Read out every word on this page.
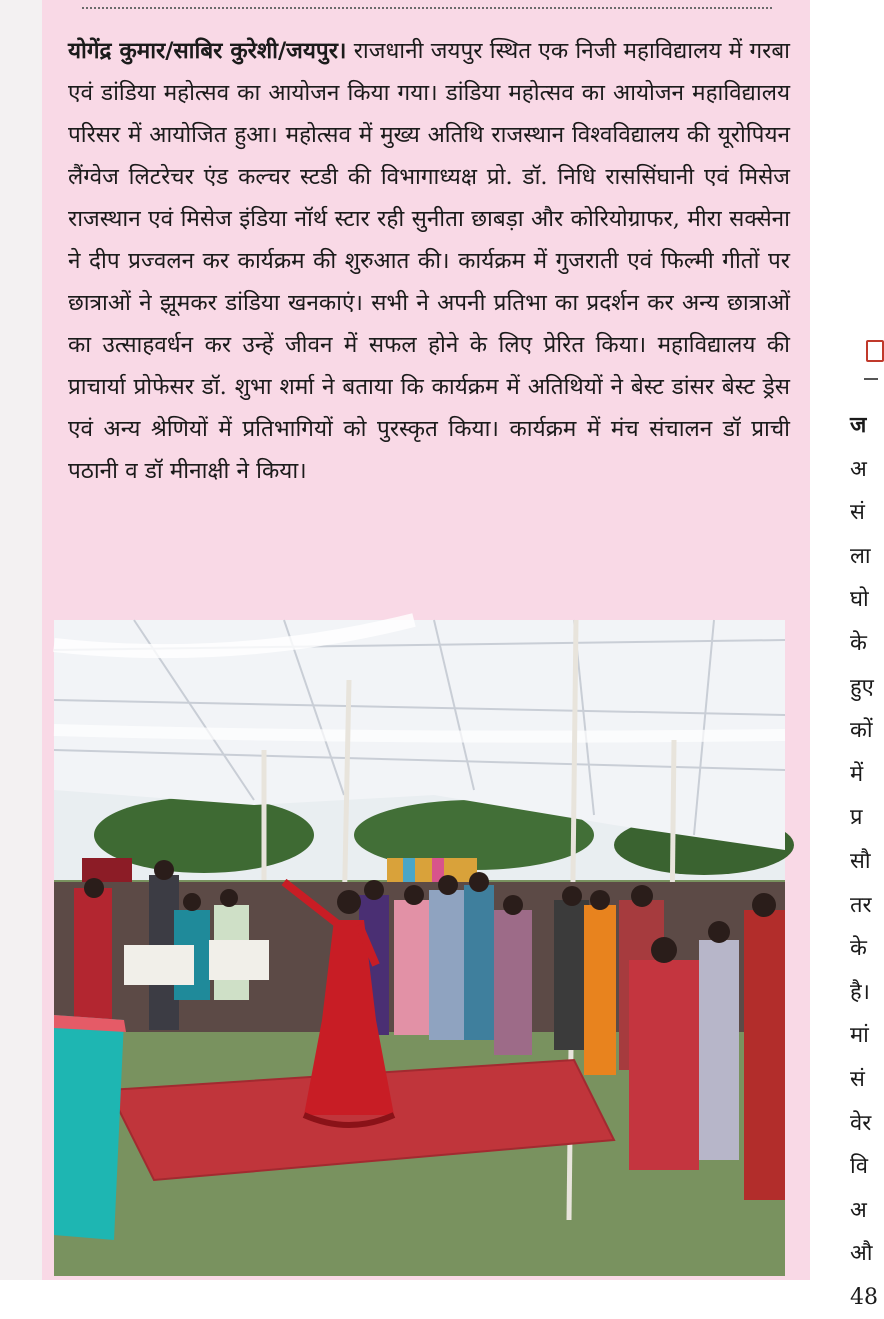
योगेंद्र कुमार/साबिर कुरेशी/जयपुर। राजधानी जयपुर स्थित एक निजी महाविद्यालय में गरबा एवं डांडिया महोत्सव का आयोजन किया गया। डांडिया महोत्सव का आयोजन महाविद्यालय परिसर में आयोजित हुआ। महोत्सव में मुख्य अतिथि राजस्थान विश्वविद्यालय की यूरोपियन लैंग्वेज लिटरेचर एंड कल्चर स्टडी की विभागाध्यक्ष प्रो. डॉ. निधि राससिंघानी एवं मिसेज राजस्थान एवं मिसेज इंडिया नॉर्थ स्टार रही सुनीता छाबड़ा और कोरियोग्राफर, मीरा सक्सेना ने दीप प्रज्वलन कर कार्यक्रम की शुरुआत की। कार्यक्रम में गुजराती एवं फिल्मी गीतों पर छात्राओं ने झूमकर डांडिया खनकाएं। सभी ने अपनी प्रतिभा का प्रदर्शन कर अन्य छात्राओं का उत्साहवर्धन कर उन्हें जीवन में सफल होने के लिए प्रेरित किया। महाविद्यालय की प्राचार्या प्रोफेसर डॉ. शुभा शर्मा ने बताया कि कार्यक्रम में अतिथियों ने बेस्ट डांसर बेस्ट ड्रेस एवं अन्य श्रेणियों में प्रतिभागियों को पुरस्कृत किया। कार्यक्रम में मंच संचालन डॉ प्राची पठानी व डॉ मीनाक्षी ने किया।

ज
अ
सं
ला
घो
के
हुए
कों
में
प्र
सौ
तर
के
है।
मां
सं
वेर
वि
अ
औ
48
